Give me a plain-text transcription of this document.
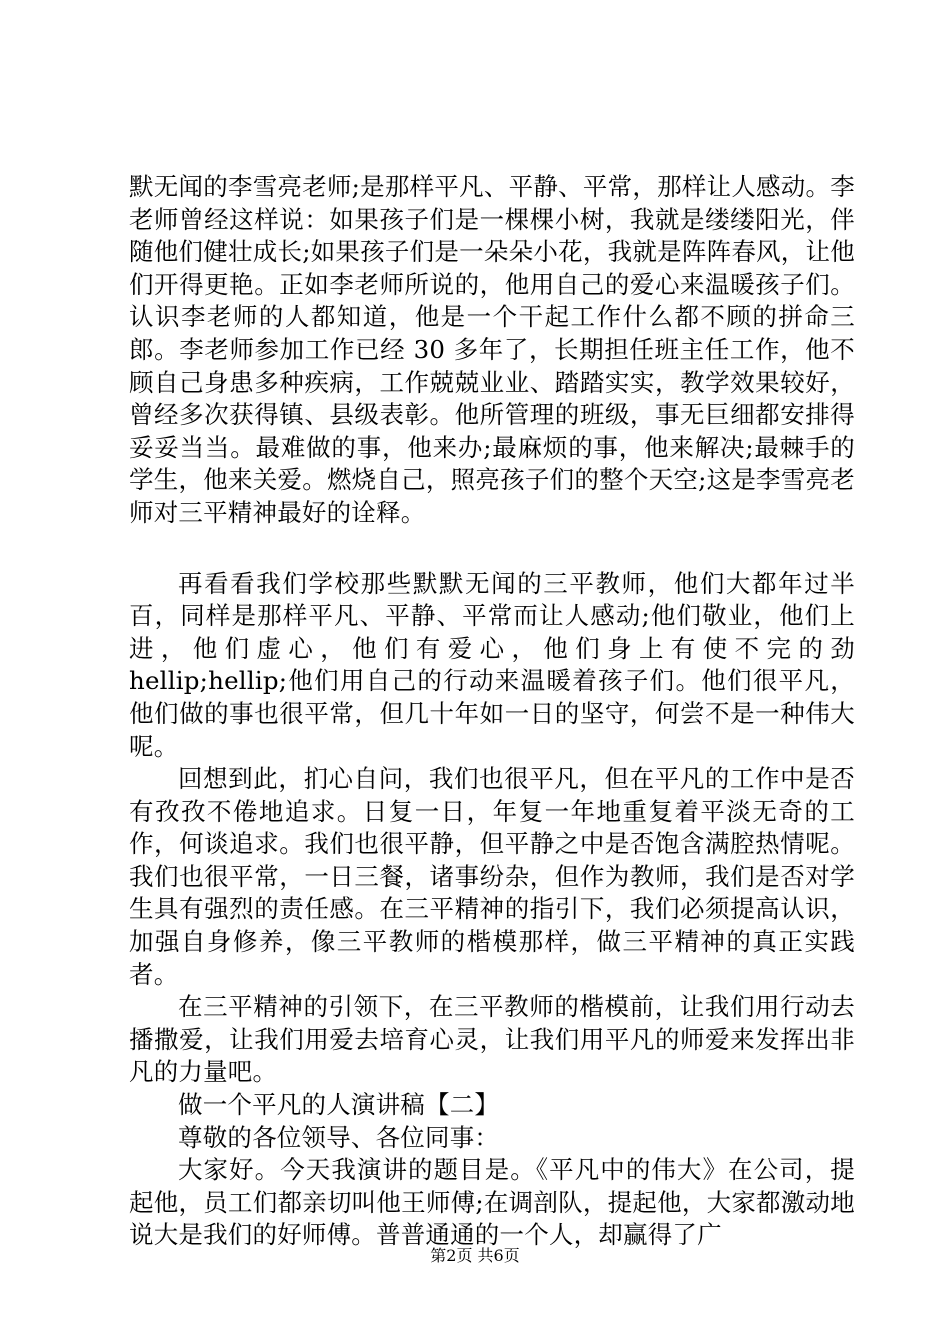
默无闻的李雪亮老师;是那样平凡、平静、平常，那样让人感动。李老师曾经这样说：如果孩子们是一棵棵小树，我就是缕缕阳光，伴随他们健壮成长;如果孩子们是一朵朵小花，我就是阵阵春风，让他们开得更艳。正如李老师所说的，他用自己的爱心来温暖孩子们。认识李老师的人都知道，他是一个干起工作什么都不顾的拼命三郎。李老师参加工作已经 30 多年了，长期担任班主任工作，他不顾自己身患多种疾病，工作兢兢业业、踏踏实实，教学效果较好，曾经多次获得镇、县级表彰。他所管理的班级，事无巨细都安排得妥妥当当。最难做的事，他来办;最麻烦的事，他来解决;最棘手的学生，他来关爱。燃烧自己，照亮孩子们的整个天空;这是李雪亮老师对三平精神最好的诠释。

再看看我们学校那些默默无闻的三平教师，他们大都年过半百，同样是那样平凡、平静、平常而让人感动;他们敬业，他们上进，他们虚心，他们有爱心，他们身上有使不完的劲 hellip;hellip;他们用自己的行动来温暖着孩子们。他们很平凡，他们做的事也很平常，但几十年如一日的坚守，何尝不是一种伟大呢。

回想到此，扪心自问，我们也很平凡，但在平凡的工作中是否有孜孜不倦地追求。日复一日，年复一年地重复着平淡无奇的工作，何谈追求。我们也很平静，但平静之中是否饱含满腔热情呢。我们也很平常，一日三餐，诸事纷杂，但作为教师，我们是否对学生具有强烈的责任感。在三平精神的指引下，我们必须提高认识，加强自身修养，像三平教师的楷模那样，做三平精神的真正实践者。

在三平精神的引领下，在三平教师的楷模前，让我们用行动去播撒爱，让我们用爱去培育心灵，让我们用平凡的师爱来发挥出非凡的力量吧。

做一个平凡的人演讲稿【二】

尊敬的各位领导、各位同事：

大家好。今天我演讲的题目是。《平凡中的伟大》在公司，提起他，员工们都亲切叫他王师傅;在调剖队，提起他，大家都激动地说大是我们的好师傅。普普通通的一个人，却赢得了广

第2页 共6页
